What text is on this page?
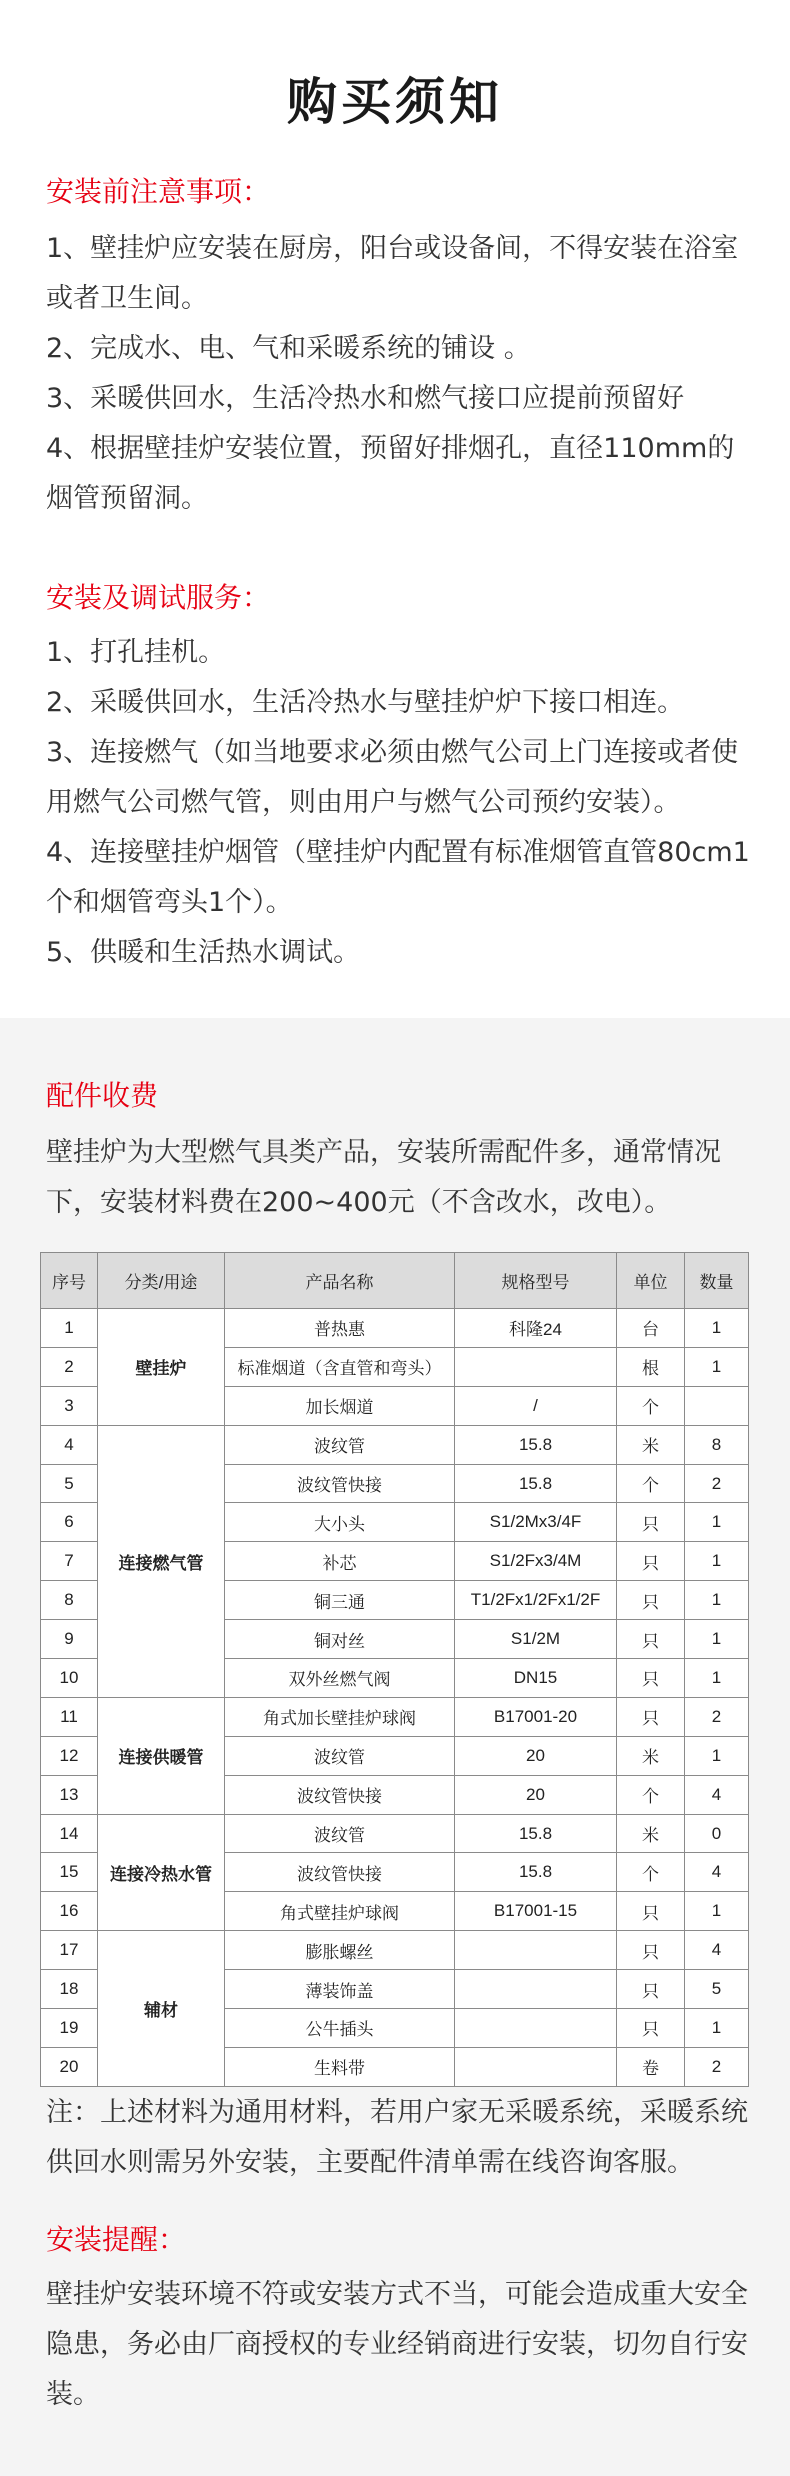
购买须知
安装前注意事项：

1、壁挂炉应安装在厨房，阳台或设备间，不得安装在浴室或者卫生间。

2、完成水、电、气和采暖系统的铺设 。

3、采暖供回水，生活冷热水和燃气接口应提前预留好

4、根据壁挂炉安装位置，预留好排烟孔，直径110mm的烟管预留洞。

安装及调试服务：

1、打孔挂机。

2、采暖供回水，生活冷热水与壁挂炉炉下接口相连。

3、连接燃气（如当地要求必须由燃气公司上门连接或者使用燃气公司燃气管，则由用户与燃气公司预约安装）。

4、连接壁挂炉烟管（壁挂炉内配置有标准烟管直管80cm1个和烟管弯头1个）。

5、供暖和生活热水调试。

配件收费

壁挂炉为大型燃气具类产品，安装所需配件多，通常情况下，安装材料费在200~400元（不含改水，改电）。

序号	分类/用途	产品名称	规格型号	单位	数量
1	壁挂炉	普热惠	科隆24	台	1
2		标准烟道（含直管和弯头）		根	1
3		加长烟道	/	个	
4	连接燃气管	波纹管	15.8	米	8
5		波纹管快接	15.8	个	2
6		大小头	S1/2Mx3/4F	只	1
7		补芯	S1/2Fx3/4M	只	1
8		铜三通	T1/2Fx1/2Fx1/2F	只	1
9		铜对丝	S1/2M	只	1
10		双外丝燃气阀	DN15	只	1
11	连接供暖管	角式加长壁挂炉球阀	B17001-20	只	2
12		波纹管	20	米	1
13		波纹管快接	20	个	4
14	连接冷热水管	波纹管	15.8	米	0
15		波纹管快接	15.8	个	4
16		角式壁挂炉球阀	B17001-15	只	1
17	辅材	膨胀螺丝		只	4
18		薄装饰盖		只	5
19		公牛插头		只	1
20		生料带		卷	2

注：上述材料为通用材料，若用户家无采暖系统，采暖系统供回水则需另外安装，主要配件清单需在线咨询客服。

安装提醒：

壁挂炉安装环境不符或安装方式不当，可能会造成重大安全隐患，务必由厂商授权的专业经销商进行安装，切勿自行安装。
